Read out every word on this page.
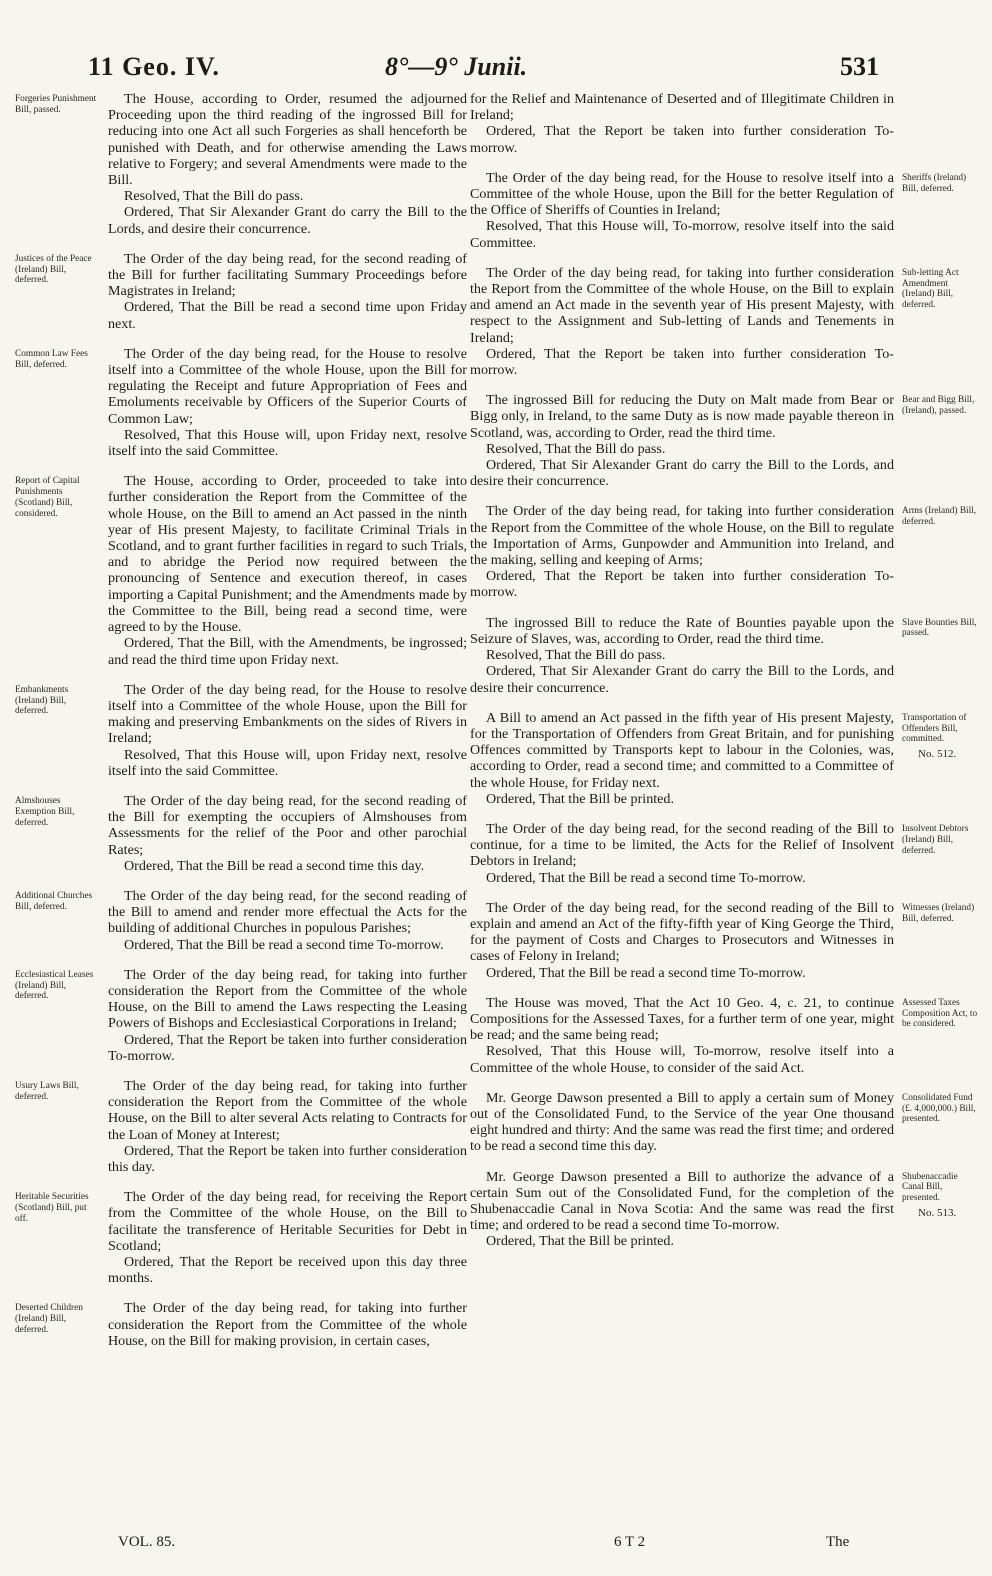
11 Geo. IV.	8°—9° Junii.	531
Forgeries Punishment Bill, passed.

The House, according to Order, resumed the adjourned Proceeding upon the third reading of the ingrossed Bill for reducing into one Act all such Forgeries as shall henceforth be punished with Death, and for otherwise amending the Laws relative to Forgery; and several Amendments were made to the Bill.

Resolved, That the Bill do pass.

Ordered, That Sir Alexander Grant do carry the Bill to the Lords, and desire their concurrence.

Justices of the Peace (Ireland) Bill, deferred.

The Order of the day being read, for the second reading of the Bill for further facilitating Summary Proceedings before Magistrates in Ireland;

Ordered, That the Bill be read a second time upon Friday next.

Common Law Fees Bill, deferred.

The Order of the day being read, for the House to resolve itself into a Committee of the whole House, upon the Bill for regulating the Receipt and future Appropriation of Fees and Emoluments receivable by Officers of the Superior Courts of Common Law;

Resolved, That this House will, upon Friday next, resolve itself into the said Committee.

Report of Capital Punishments (Scotland) Bill, considered.

The House, according to Order, proceeded to take into further consideration the Report from the Committee of the whole House, on the Bill to amend an Act passed in the ninth year of His present Majesty, to facilitate Criminal Trials in Scotland, and to grant further facilities in regard to such Trials, and to abridge the Period now required between the pronouncing of Sentence and execution thereof, in cases importing a Capital Punishment; and the Amendments made by the Committee to the Bill, being read a second time, were agreed to by the House.

Ordered, That the Bill, with the Amendments, be ingrossed; and read the third time upon Friday next.

Embankments (Ireland) Bill, deferred.

The Order of the day being read, for the House to resolve itself into a Committee of the whole House, upon the Bill for making and preserving Embankments on the sides of Rivers in Ireland;

Resolved, That this House will, upon Friday next, resolve itself into the said Committee.

Almshouses Exemption Bill, deferred.

The Order of the day being read, for the second reading of the Bill for exempting the occupiers of Almshouses from Assessments for the relief of the Poor and other parochial Rates;

Ordered, That the Bill be read a second time this day.

Additional Churches Bill, deferred.

The Order of the day being read, for the second reading of the Bill to amend and render more effectual the Acts for the building of additional Churches in populous Parishes;

Ordered, That the Bill be read a second time To-morrow.

Ecclesiastical Leases (Ireland) Bill, deferred.

The Order of the day being read, for taking into further consideration the Report from the Committee of the whole House, on the Bill to amend the Laws respecting the Leasing Powers of Bishops and Ecclesiastical Corporations in Ireland;

Ordered, That the Report be taken into further consideration To-morrow.

Usury Laws Bill, deferred.

The Order of the day being read, for taking into further consideration the Report from the Committee of the whole House, on the Bill to alter several Acts relating to Contracts for the Loan of Money at Interest;

Ordered, That the Report be taken into further consideration this day.

Heritable Securities (Scotland) Bill, put off.

The Order of the day being read, for receiving the Report from the Committee of the whole House, on the Bill to facilitate the transference of Heritable Securities for Debt in Scotland;

Ordered, That the Report be received upon this day three months.

Deserted Children (Ireland) Bill, deferred.

The Order of the day being read, for taking into further consideration the Report from the Committee of the whole House, on the Bill for making provision, in certain cases,

for the Relief and Maintenance of Deserted and of Illegitimate Children in Ireland;

Ordered, That the Report be taken into further consideration To-morrow.

Sheriffs (Ireland) Bill, deferred.

The Order of the day being read, for the House to resolve itself into a Committee of the whole House, upon the Bill for the better Regulation of the Office of Sheriffs of Counties in Ireland;

Resolved, That this House will, To-morrow, resolve itself into the said Committee.

Sub-letting Act Amendment (Ireland) Bill, deferred.

The Order of the day being read, for taking into further consideration the Report from the Committee of the whole House, on the Bill to explain and amend an Act made in the seventh year of His present Majesty, with respect to the Assignment and Sub-letting of Lands and Tenements in Ireland;

Ordered, That the Report be taken into further consideration To-morrow.

Bear and Bigg Bill, (Ireland), passed.

The ingrossed Bill for reducing the Duty on Malt made from Bear or Bigg only, in Ireland, to the same Duty as is now made payable thereon in Scotland, was, according to Order, read the third time.

Resolved, That the Bill do pass.

Ordered, That Sir Alexander Grant do carry the Bill to the Lords, and desire their concurrence.

Arms (Ireland) Bill, deferred.

The Order of the day being read, for taking into further consideration the Report from the Committee of the whole House, on the Bill to regulate the Importation of Arms, Gunpowder and Ammunition into Ireland, and the making, selling and keeping of Arms;

Ordered, That the Report be taken into further consideration To-morrow.

Slave Bounties Bill, passed.

The ingrossed Bill to reduce the Rate of Bounties payable upon the Seizure of Slaves, was, according to Order, read the third time.

Resolved, That the Bill do pass.

Ordered, That Sir Alexander Grant do carry the Bill to the Lords, and desire their concurrence.

Transportation of Offenders Bill, committed.
No. 512.

A Bill to amend an Act passed in the fifth year of His present Majesty, for the Transportation of Offenders from Great Britain, and for punishing Offences committed by Transports kept to labour in the Colonies, was, according to Order, read a second time; and committed to a Committee of the whole House, for Friday next.

Ordered, That the Bill be printed.

Insolvent Debtors (Ireland) Bill, deferred.

The Order of the day being read, for the second reading of the Bill to continue, for a time to be limited, the Acts for the Relief of Insolvent Debtors in Ireland;

Ordered, That the Bill be read a second time To-morrow.

Witnesses (Ireland) Bill, deferred.

The Order of the day being read, for the second reading of the Bill to explain and amend an Act of the fifty-fifth year of King George the Third, for the payment of Costs and Charges to Prosecutors and Witnesses in cases of Felony in Ireland;

Ordered, That the Bill be read a second time To-morrow.

Assessed Taxes Composition Act, to be considered.

The House was moved, That the Act 10 Geo. 4, c. 21, to continue Compositions for the Assessed Taxes, for a further term of one year, might be read; and the same being read;

Resolved, That this House will, To-morrow, resolve itself into a Committee of the whole House, to consider of the said Act.

Consolidated Fund (£. 4,000,000.) Bill, presented.

Mr. George Dawson presented a Bill to apply a certain sum of Money out of the Consolidated Fund, to the Service of the year One thousand eight hundred and thirty: And the same was read the first time; and ordered to be read a second time this day.

Shubenaccadie Canal Bill, presented.
No. 513.

Mr. George Dawson presented a Bill to authorize the advance of a certain Sum out of the Consolidated Fund, for the completion of the Shubenaccadie Canal in Nova Scotia: And the same was read the first time; and ordered to be read a second time To-morrow.

Ordered, That the Bill be printed.

VOL. 85.	6 T 2	The
